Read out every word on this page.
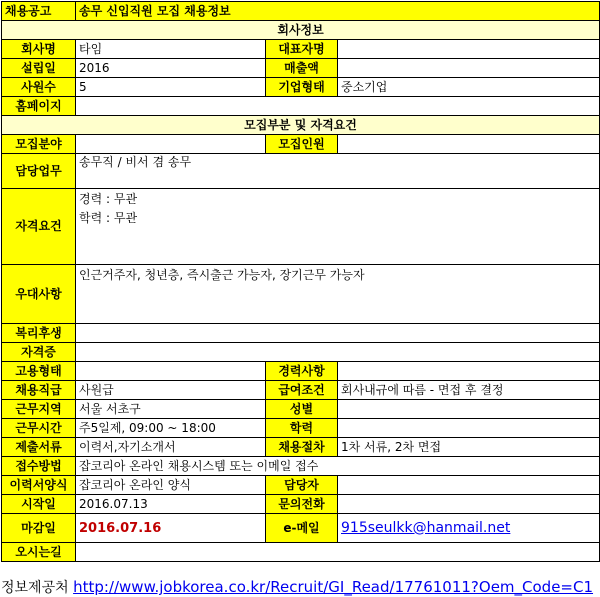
채용공고	송무 신입직원 모집 채용정보		
회사정보			
회사명	타임	대표자명	
설립일	2016	매출액	
사원수	5	기업형태	중소기업
홈페이지			
모집부분 및 자격요건			
모집분야		모집인원	
담당업무	송무직 / 비서 겸 송무		
자격요건	경력 : 무관
학력 : 무관		

우대사항	인근거주자, 청년층, 즉시출근 가능자, 장기근무 가능자		
복리후생			
자격증			
고용형태		경력사항	
채용직급	사원급	급여조건	회사내규에 따름 - 면접 후 결정
근무지역	서울 서초구	성별	
근무시간	주5일제, 09:00 ~ 18:00	학력	
제출서류	이력서,자기소개서	채용절차	1차 서류, 2차 면접
접수방법	잡코리아 온라인 채용시스템 또는 이메일 접수		
이력서양식	잡코리아 온라인 양식	담당자	
시작일	2016.07.13	문의전화	
마감일	2016.07.16	e-메일	915seulkk@hanmail.net
오시는길			
정보제공처 http://www.jobkorea.co.kr/Recruit/GI_Read/17761011?Oem_Code=C1
